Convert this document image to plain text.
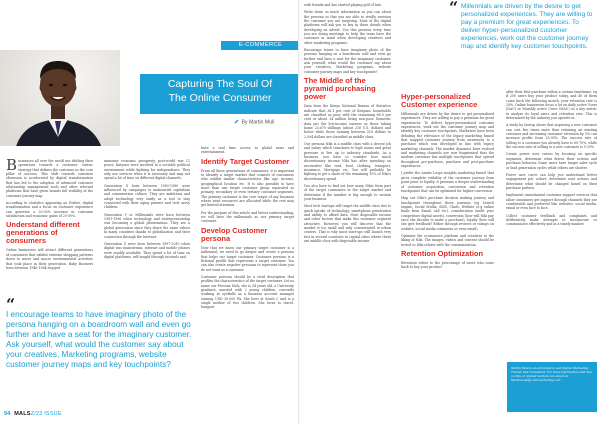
E-COMMERCE
Capturing The Soul Of
The Online Consumer
By Martin Muli

Businesses all over the world are shifting their operations towards a customer centric strategy that defines the customer as the core pillar of success. This shift towards customer obsession is accelerated by digital transformation that has led to the adoption of advanced customer relationship management tools and other relevant platforms that have given brands full visibility of the customer journey map.

According to statistics appearing on Forbes, digital transformation and a focus on customer experience can generate a 20-30% increase in customer satisfaction and economic gains of 20-50%.

Understand different generations of consumers

Online businesses will attract different generations of consumers that exhibit extreme shopping patterns down to micro and macro environmental activities that took place in their generation. Baby Boomers born between 1946-1964 enjoyed

immense economic prosperity, post-world war 11 peace. Katyona were involved in a sociable political environment while fighting for independence. They only use services when it is necessary and may not spend a lot of time on different digital channels.

Generation X born between 1965-1980 were influenced by campaigns to malnourish capitalism and consumerism culture. They are ambitious and adopt technology very easily as a tool to stay connected with their aging parents and tech savvy children.

Generation Y or Millennials were born between 1981-1996 when technology and entrepreneurship was becoming a global phenomenon. They are a global generation since they share the same values in many countries thanks to globalization and their connection through the Internet.

Generation Z were born between 1997-2010 when digital was mainstream, internet and mobile phones were readily available. They spend a lot of time on digital platforms, self-taught through tutorials and

have a real time access to global news and entertainment.

Identify Target Customer

From all these generations of consumers, it is important to identify a target market that consists of consumers who exhibit similar characteristics like age, income, geographical location etc. It is also possible to have more than one target customer group separated as primary, secondary or even tertiary customer segments. The primary customer is the core target of any business where most resources are allocated while the rest may get limited attention.

For the purpose of this article and better understanding, we will base the millennials as our primary target customer.

Develop Customer persona

Now that we know our primary target customer is a millennial, we need to go deeper and create a persona that helps our target customer. Customer persona is a fictional profile that represents a target customer. You can also create negative personas to represent those you do not want as a customer.

Customer persona should be a vivid description that profiles the characteristics of the target customer. Let us name our Persona Nick, she is 34 years old, a University graduate, married with 2 young children, currently working at eyeBalls as a business account manager earning USD 30,000 PA. She lives at South C and is a single mother of two children. She loves to travel, hangout

“
I encourage teams to have imaginary photo of the persona hanging on a boardroom wall and even go further and have a seat for the imaginary customer. Ask yourself, what would the customer say about your creatives, Marketing programs, website customer journey maps and key touchpoints?
94 MALSZ/23 ISSUE

with friends and has started playing golf of late.

Write down as much information as you can about the persona so that you are able to vividly envision the customer you are targeting. Most of the digital platforms will ask you to key in these details when developing an advert. Use this persona every time you are doing meetings to help the team have the customer in mind when developing creatives and other marketing programs.

Encourage teams to have imaginary photo of the persona hanging on a boardroom wall and even go further and have a seat for the imaginary customer. Ask yourself, what would the customer say about your creatives, Marketing programs, website customer journey maps and key touchpoints?

The Middle of the pyramid purchasing power

Data from the Kenya National Bureau of Statistics indicate that 36.1 per cent of Kenyans households are classified as poor with the remaining 68.9 per cent or about 34 million being non-poor. Domestic data put the low-income earners as those taking home 23,670 shillings (about 216 U.S. dollars) and below while those earning between 216 dollars to 2,094 dollars are classified as middle class.

Our persona Niki is a middle class with a decent job and salary which translates to high status and great pressure to live up to industry standards. As a business, you have to consider how much discretionary income Niki has after spending on necessities like rent, food, clothing, transport, insurance, Mortgage etc. You will probably be fighting to get a share of the remaining 15% of Niki's discretionary spend.

You also have to find out how many Nikis form part of the target consumers in the target market and determine if the number is big enough to sustain your business.

Most tech startups will target the middle class due to quick uptake of technology, smartphone penetration and ability to afford data, Most disposable income and other factors that make this customer segment attractive. However, you will discover that the market is too small and only concentrated in urban centers. That is why most start-ups still launch very fast in several countries in capital cities where there are middle class with disposable income.

“ Millennials are driven by the desire to get personalized experiences. They are willing to pay a premium for great experiences. To deliver hyper-personalized customer experiences, work out the customer journey map and identify key customer touchpoints.
Hyper-personalized Customer experience

Millennials are driven by the desire to get personalized experiences. They are willing to pay a premium for great experiences. To deliver hyper-personalized customer experiences, work out the customer journey map and identify key customer touchpoints. Marketers have been debating the relevance of the legacy marketing funnel that mapped customer journey from awareness to a purchase which was developed in line with legacy marketing channels. The market dynamics have evolved and marketing channels are now fragmented thus the modern customer has multiple touchpoints that spread throughout pre-purchase, purchase and post-purchase experiences.

I prefer the Amitis Loops insights marketing funnel that gives complete visibility of the customer journey from point prior to loyalty. It presents a deeper understanding of customer acquisition, conversion and retention touchpoints that can be optimized for higher conversion.

Map out Niki's purchase decision making journey and touchpoints throughout those journeys (eg Search engine, Social Media, SMS, Chats, Website (e.g online leads from Email, call etc), consideration (audit your competitors digital assets), conversion (how will Niki pay once she decides to make a purchase), loyalty (how will she give feedback? Either through reviews or ratings on website, social media comments or even email).

Optimize the ecommerce platform and creatives to the liking of Niki. The images, videos and content should be tested so Niki relates with the communication.

Retention Optimization

Retention refers to the percentage of users who come back to buy your product

after their first purchase within a certain timeframe, eg if 200 users buy your product today, and 40 of them come back the following month, your retention rate is 20%. Online businesses focus a lot on daily active Users (DAU) or Monthly active Users (MAU) as a key metric to analyse its loyal users and retention rate. This is determined by the industry you operate in.

A study by Invesp shows that acquiring a new customer can cost five times more than retaining an existing customer and increasing customer retention by 5% can increase profits from 25-95%. The success rate of selling to a customer you already have is 60-70%, while the success rate of selling to a new customer is 5-20%.

Create power user curves by focusing on specific segments, determine what drives their actions and purchase behavior. Some users have longer sales cycle or lead generation cycles while others are shorter.

Power user curve can help you understand better engagement per cohort, determine user actions and determine what should be changed based on their purchase pattern.

Implement omnichannel customer support services that allow consumers get support through channels they are comfortable and preferred like websites, social media, email or even face to face.

Collect customer feedback and complaints and deliberately make attempts to incorporate or communicate effectively and in a timely manner.

Martin Muli is an eCommerce and Digital Marketing Trainer and Consultant. For more information visit him on this or related matters can email on: Martinmuli@colin-marketing.com
